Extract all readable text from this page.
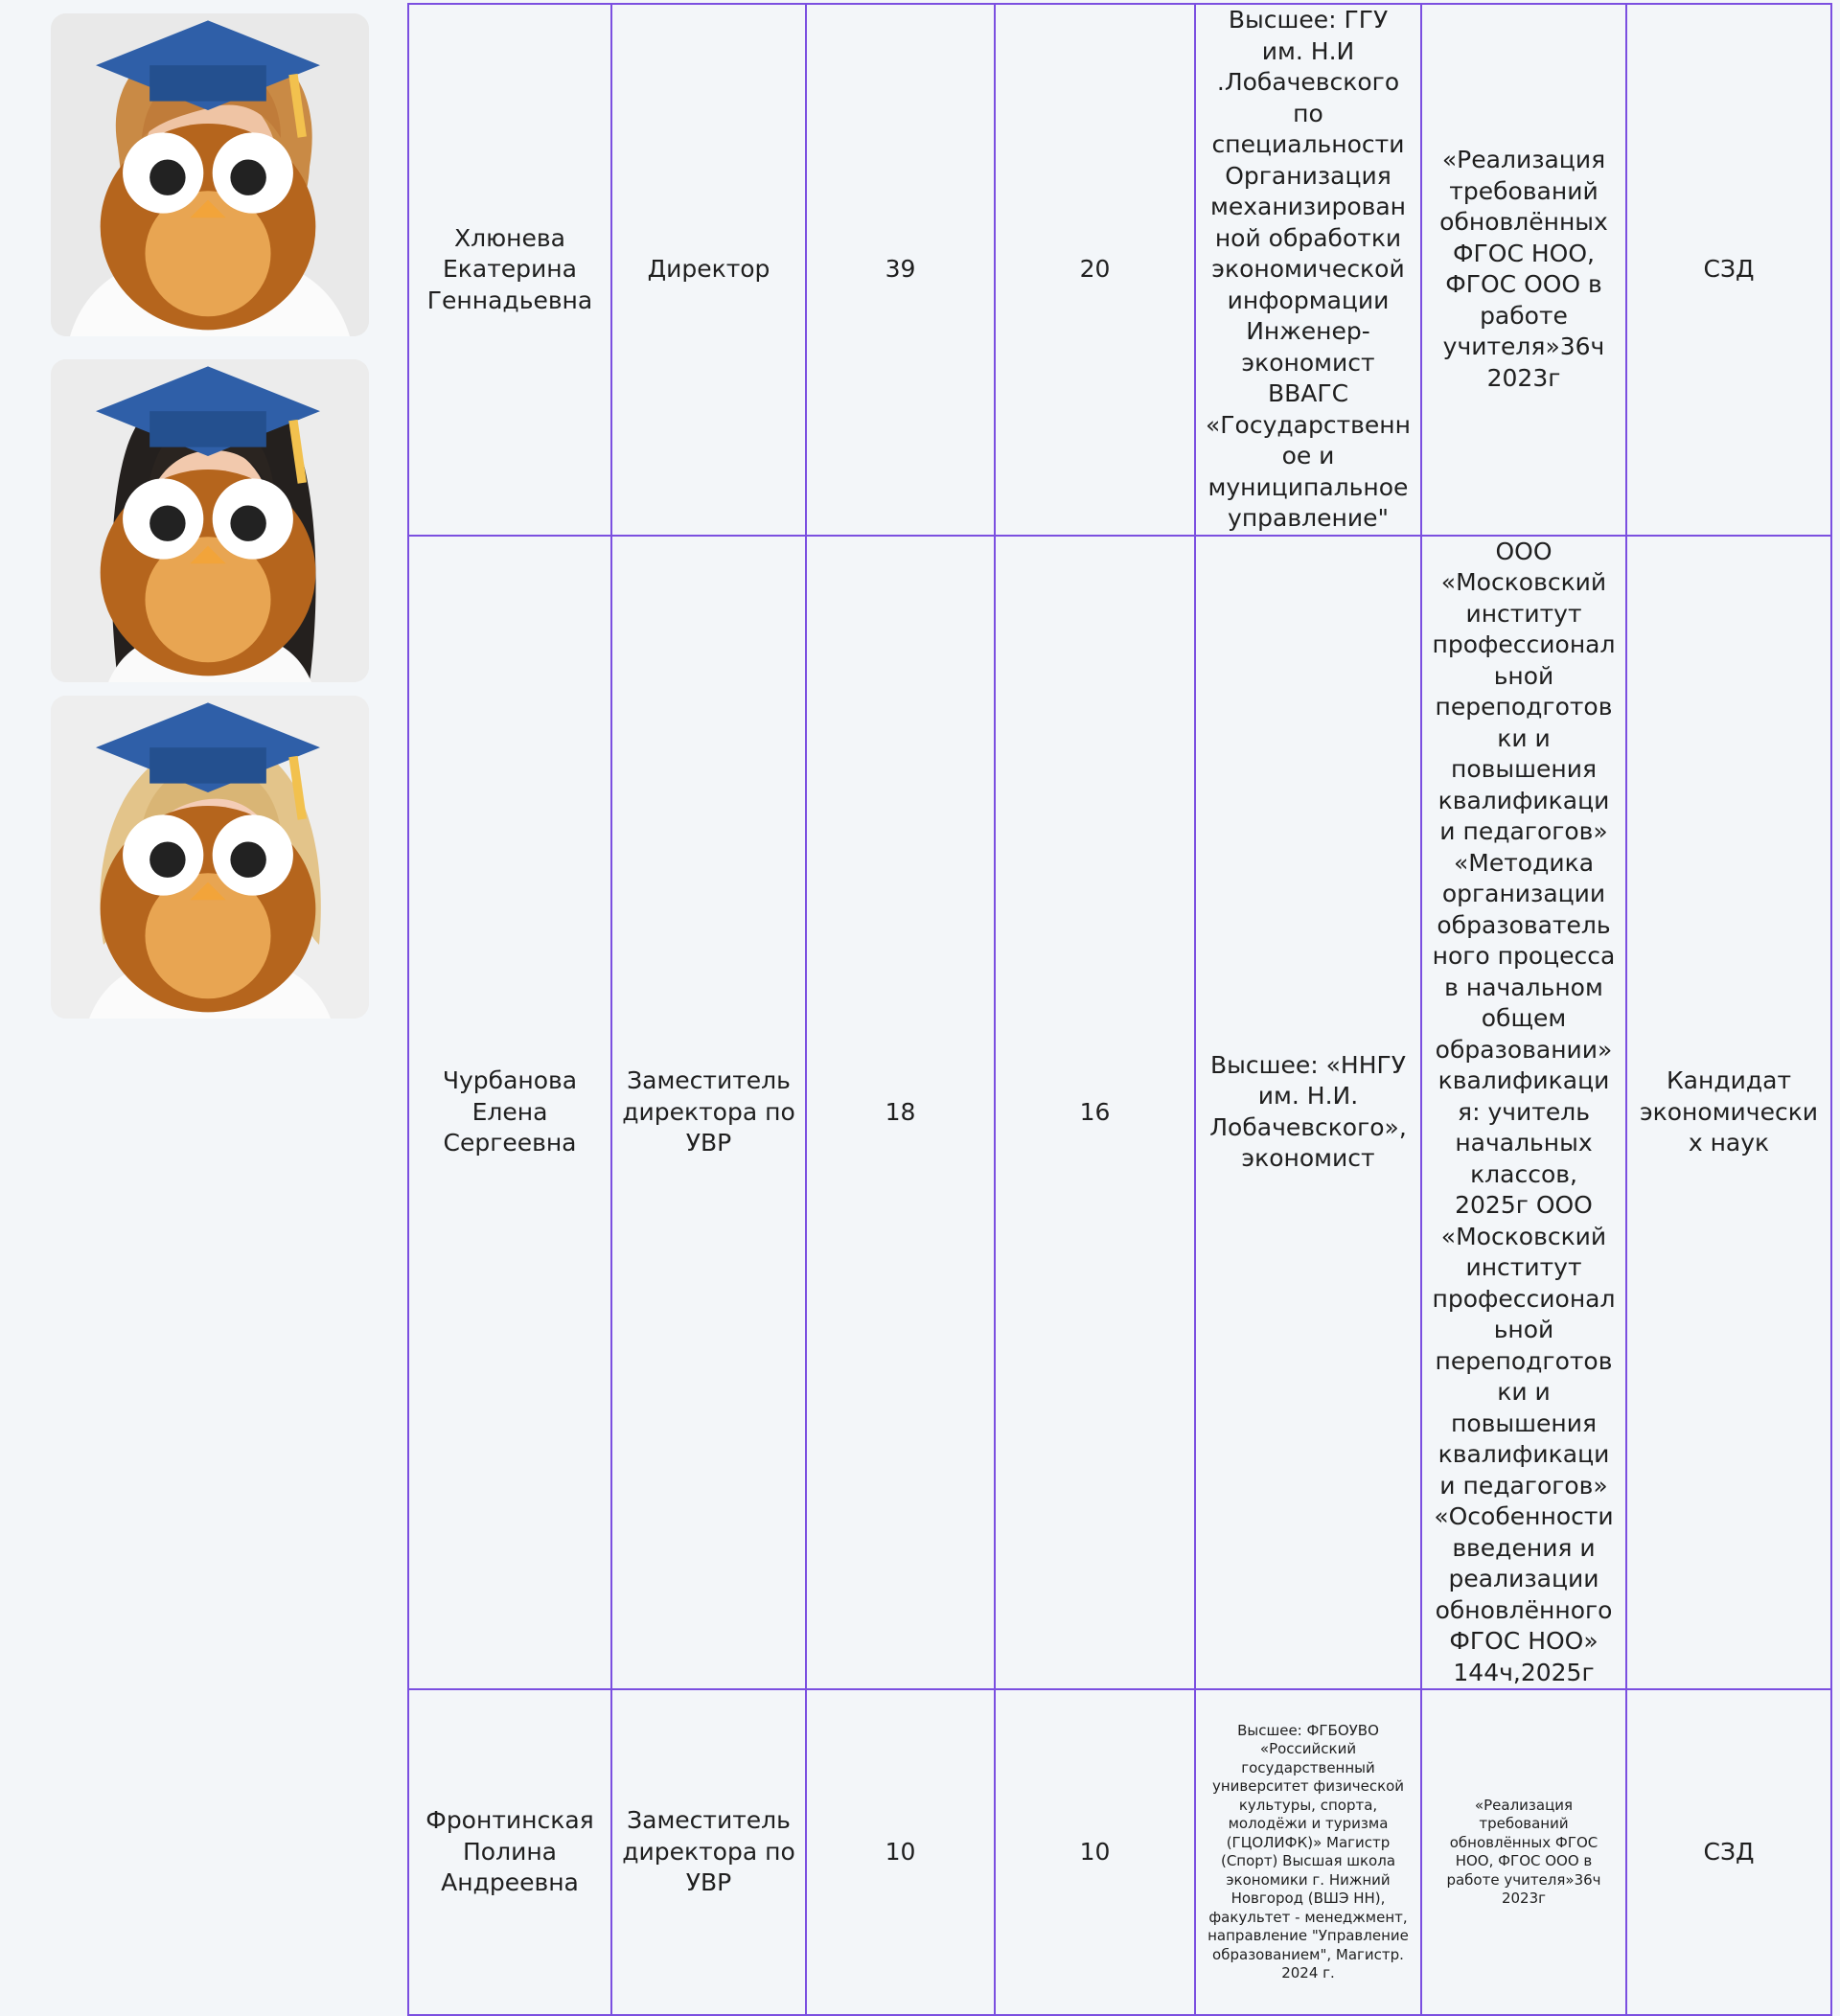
Хлюнева Екатерина Геннадьевна	Директор	39	20	Высшее: ГГУ им. Н.И .Лобачевского по специальности Организация механизированной обработки экономической информации Инженер-экономист ВВАГС «Государственное и муниципальное управление"	«Реализация требований обновлённых ФГОС НОО, ФГОС ООО в работе учителя»36ч 2023г	СЗД
Чурбанова Елена Сергеевна	Заместитель директора по УВР	18	16	Высшее: «ННГУ им. Н.И. Лобачевского», экономист	ООО «Московский институт профессиональной переподготовки и повышения квалификации педагогов» «Методика организации образовательного процесса в начальном общем образовании» квалификация: учитель начальных классов, 2025г ООО «Московский институт профессиональной переподготовки и повышения квалификации педагогов» «Особенности введения и реализации обновлённого ФГОС НОО» 144ч,2025г	Кандидат экономических наук
Фронтинская Полина Андреевна	Заместитель директора по УВР	10	10	Высшее: ФГБОУВО «Российский государственный университет физической культуры, спорта, молодёжи и туризма (ГЦОЛИФК)» Магистр (Спорт) Высшая школа экономики г. Нижний Новгород (ВШЭ НН), факультет - менеджмент, направление "Управление образованием", Магистр. 2024 г.	«Реализация требований обновлённых ФГОС НОО, ФГОС ООО в работе учителя»36ч 2023г	СЗД
